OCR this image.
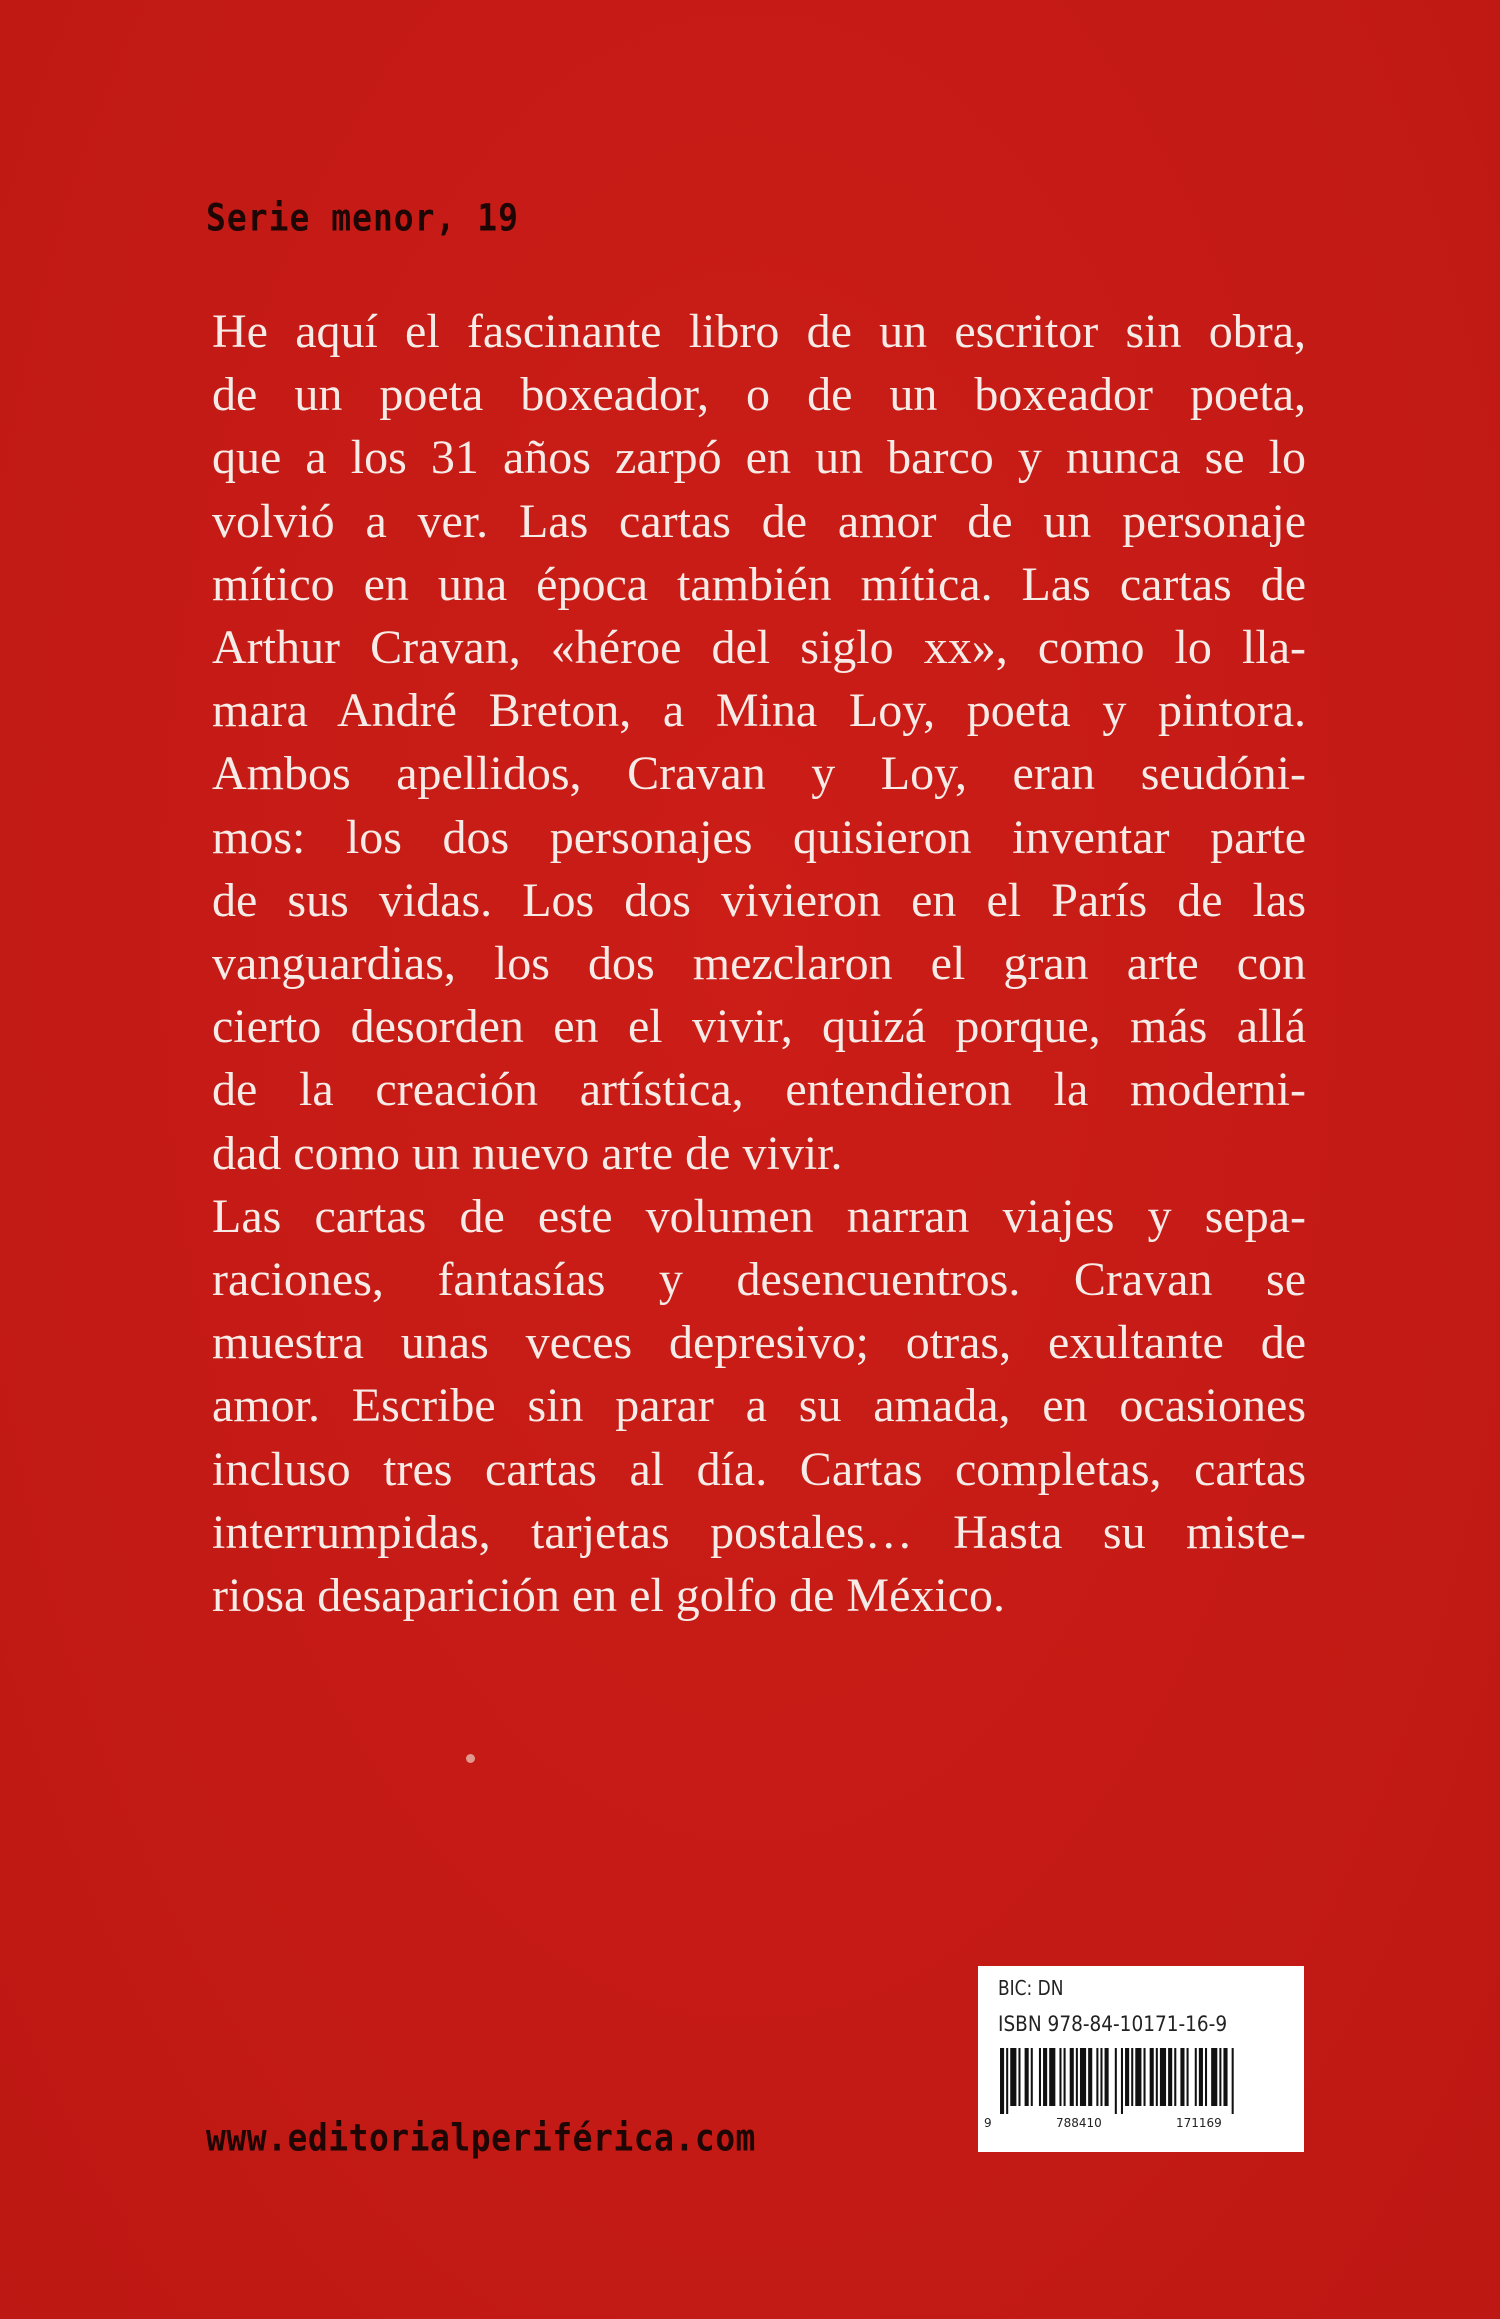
Serie menor, 19

He aquí el fascinante libro de un escritor sin obra,
de un poeta boxeador, o de un boxeador poeta,
que a los 31 años zarpó en un barco y nunca se lo
volvió a ver. Las cartas de amor de un personaje
mítico en una época también mítica. Las cartas de
Arthur Cravan, «héroe del siglo xx», como lo lla-
mara André Breton, a Mina Loy, poeta y pintora.
Ambos apellidos, Cravan y Loy, eran seudóni-
mos: los dos personajes quisieron inventar parte
de sus vidas. Los dos vivieron en el París de las
vanguardias, los dos mezclaron el gran arte con
cierto desorden en el vivir, quizá porque, más allá
de la creación artística, entendieron la moderni-
dad como un nuevo arte de vivir.

Las cartas de este volumen narran viajes y sepa-
raciones, fantasías y desencuentros. Cravan se
muestra unas veces depresivo; otras, exultante de
amor. Escribe sin parar a su amada, en ocasiones
incluso tres cartas al día. Cartas completas, cartas
interrumpidas, tarjetas postales… Hasta su miste-
riosa desaparición en el golfo de México.

www.editorialperiférica.com
BIC: DN
ISBN 978-84-10171-16-9
9	788410	171169
